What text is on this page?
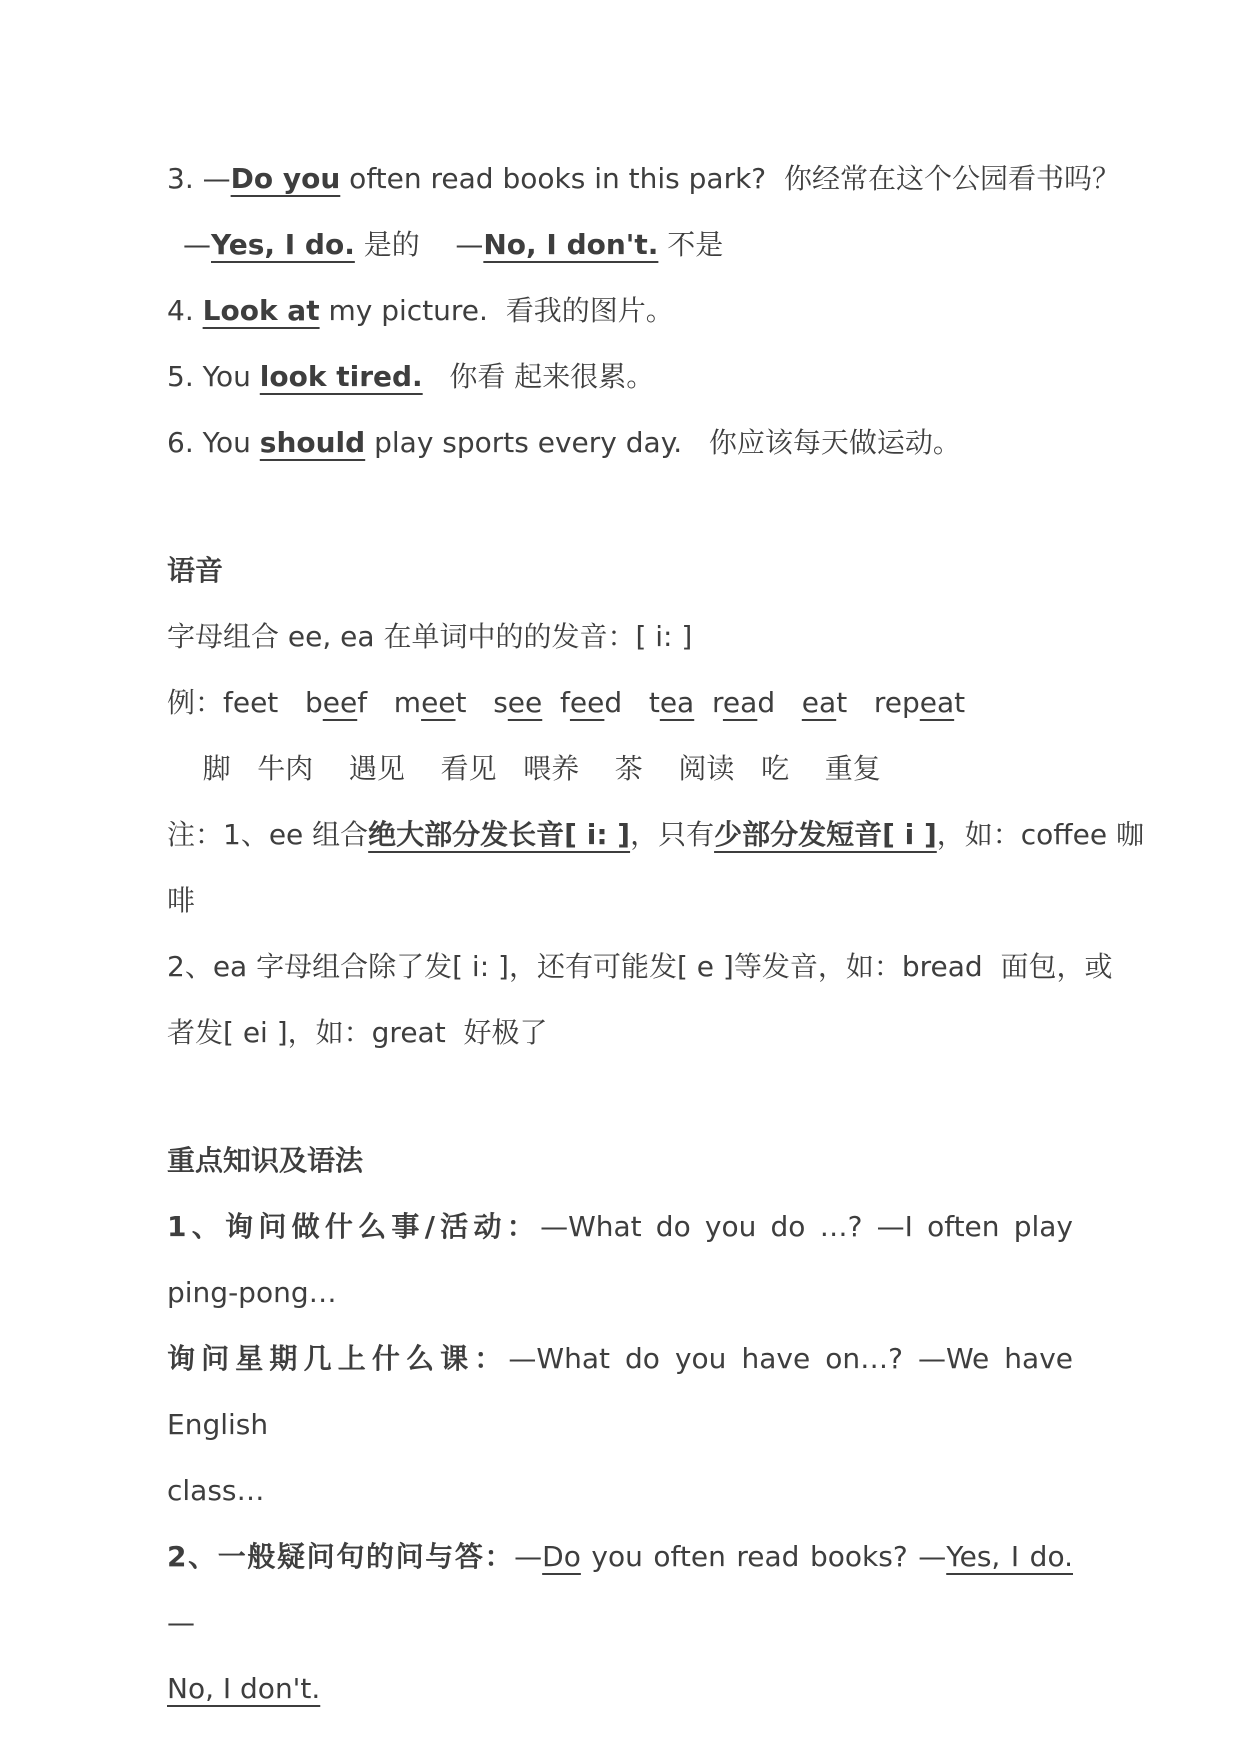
3. —Do you often read books in this park?  你经常在这个公园看书吗？
—Yes, I do. 是的    —No, I don't. 不是
4. Look at my picture.  看我的图片。
5. You look tired.   你看 起来很累。
6. You should play sports every day.   你应该每天做运动。
语音
字母组合 ee, ea 在单词中的的发音：[ i: ]
例：feet   beef   meet   see  feed   tea  read   eat   repeat
脚   牛肉    遇见    看见   喂养    茶    阅读   吃    重复
注：1、ee 组合绝大部分发长音[ i: ]，只有少部分发短音[ i ]，如：coffee 咖
啡
2、ea 字母组合除了发[ i: ]，还有可能发[ e ]等发音，如：bread  面包，或
者发[ ei ]，如：great  好极了
重点知识及语法
1、询问做什么事/活动：—What do you do …? —I often play
ping-pong…
询问星期几上什么课：—What do you have on…? —We have English
class…
2、一般疑问句的问与答：—Do you often read books? —Yes, I do. —
No, I don't.
